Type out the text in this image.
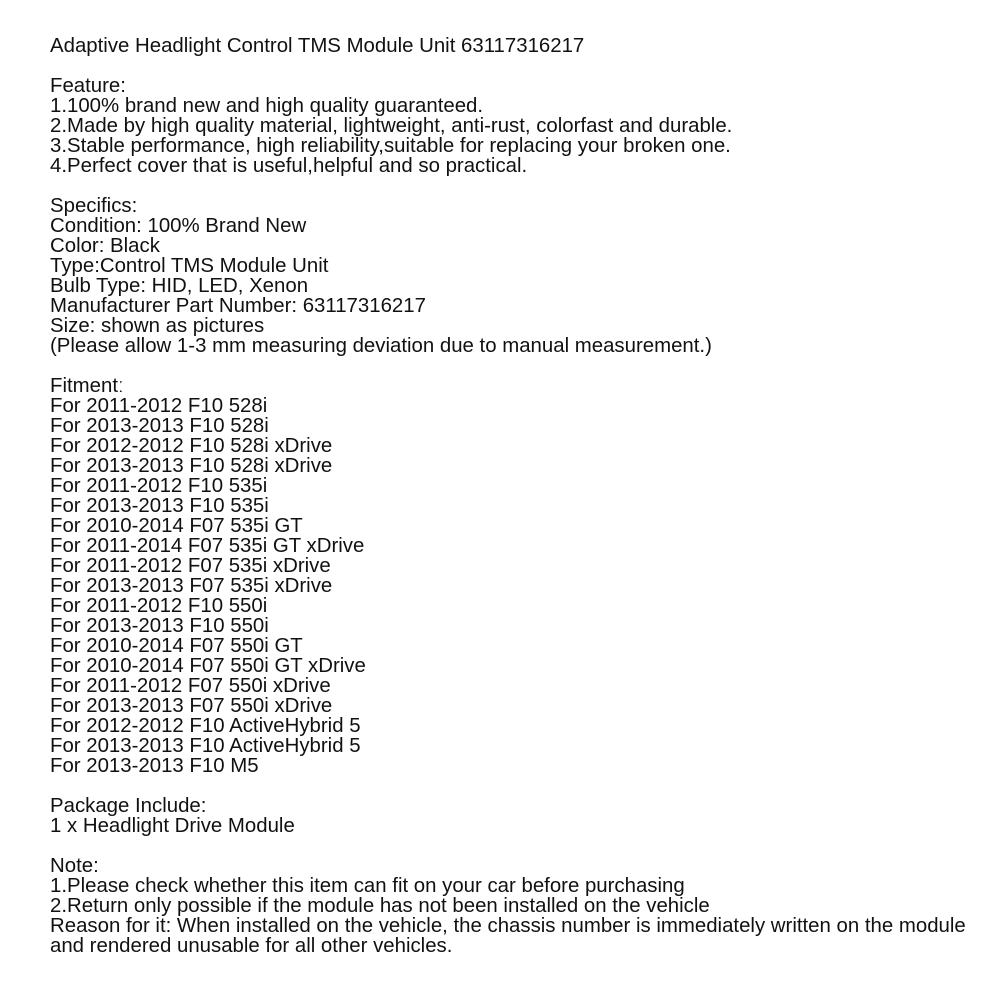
Adaptive Headlight Control TMS Module Unit 63117316217
Feature:
1.100% brand new and high quality guaranteed.
2.Made by high quality material, lightweight, anti-rust, colorfast and durable.
3.Stable performance, high reliability,suitable for replacing your broken one.
4.Perfect cover that is useful,helpful and so practical.
Specifics:
Condition: 100% Brand New
Color: Black
Type:Control TMS Module Unit
Bulb Type: HID, LED, Xenon
Manufacturer Part Number: 63117316217
Size: shown as pictures
(Please allow 1-3 mm measuring deviation due to manual measurement.)
Fitmentː
For 2011-2012 F10 528i
For 2013-2013 F10 528i
For 2012-2012 F10 528i xDrive
For 2013-2013 F10 528i xDrive
For 2011-2012 F10 535i
For 2013-2013 F10 535i
For 2010-2014 F07 535i GT
For 2011-2014 F07 535i GT xDrive
For 2011-2012 F07 535i xDrive
For 2013-2013 F07 535i xDrive
For 2011-2012 F10 550i
For 2013-2013 F10 550i
For 2010-2014 F07 550i GT
For 2010-2014 F07 550i GT xDrive
For 2011-2012 F07 550i xDrive
For 2013-2013 F07 550i xDrive
For 2012-2012 F10 ActiveHybrid 5
For 2013-2013 F10 ActiveHybrid 5
For 2013-2013 F10 M5
Package Include:
1 x Headlight Drive Module
Note:
1.Please check whether this item can fit on your car before purchasing
2.Return only possible if the module has not been installed on the vehicle
Reason for it: When installed on the vehicle, the chassis number is immediately written on the module and rendered unusable for all other vehicles.
